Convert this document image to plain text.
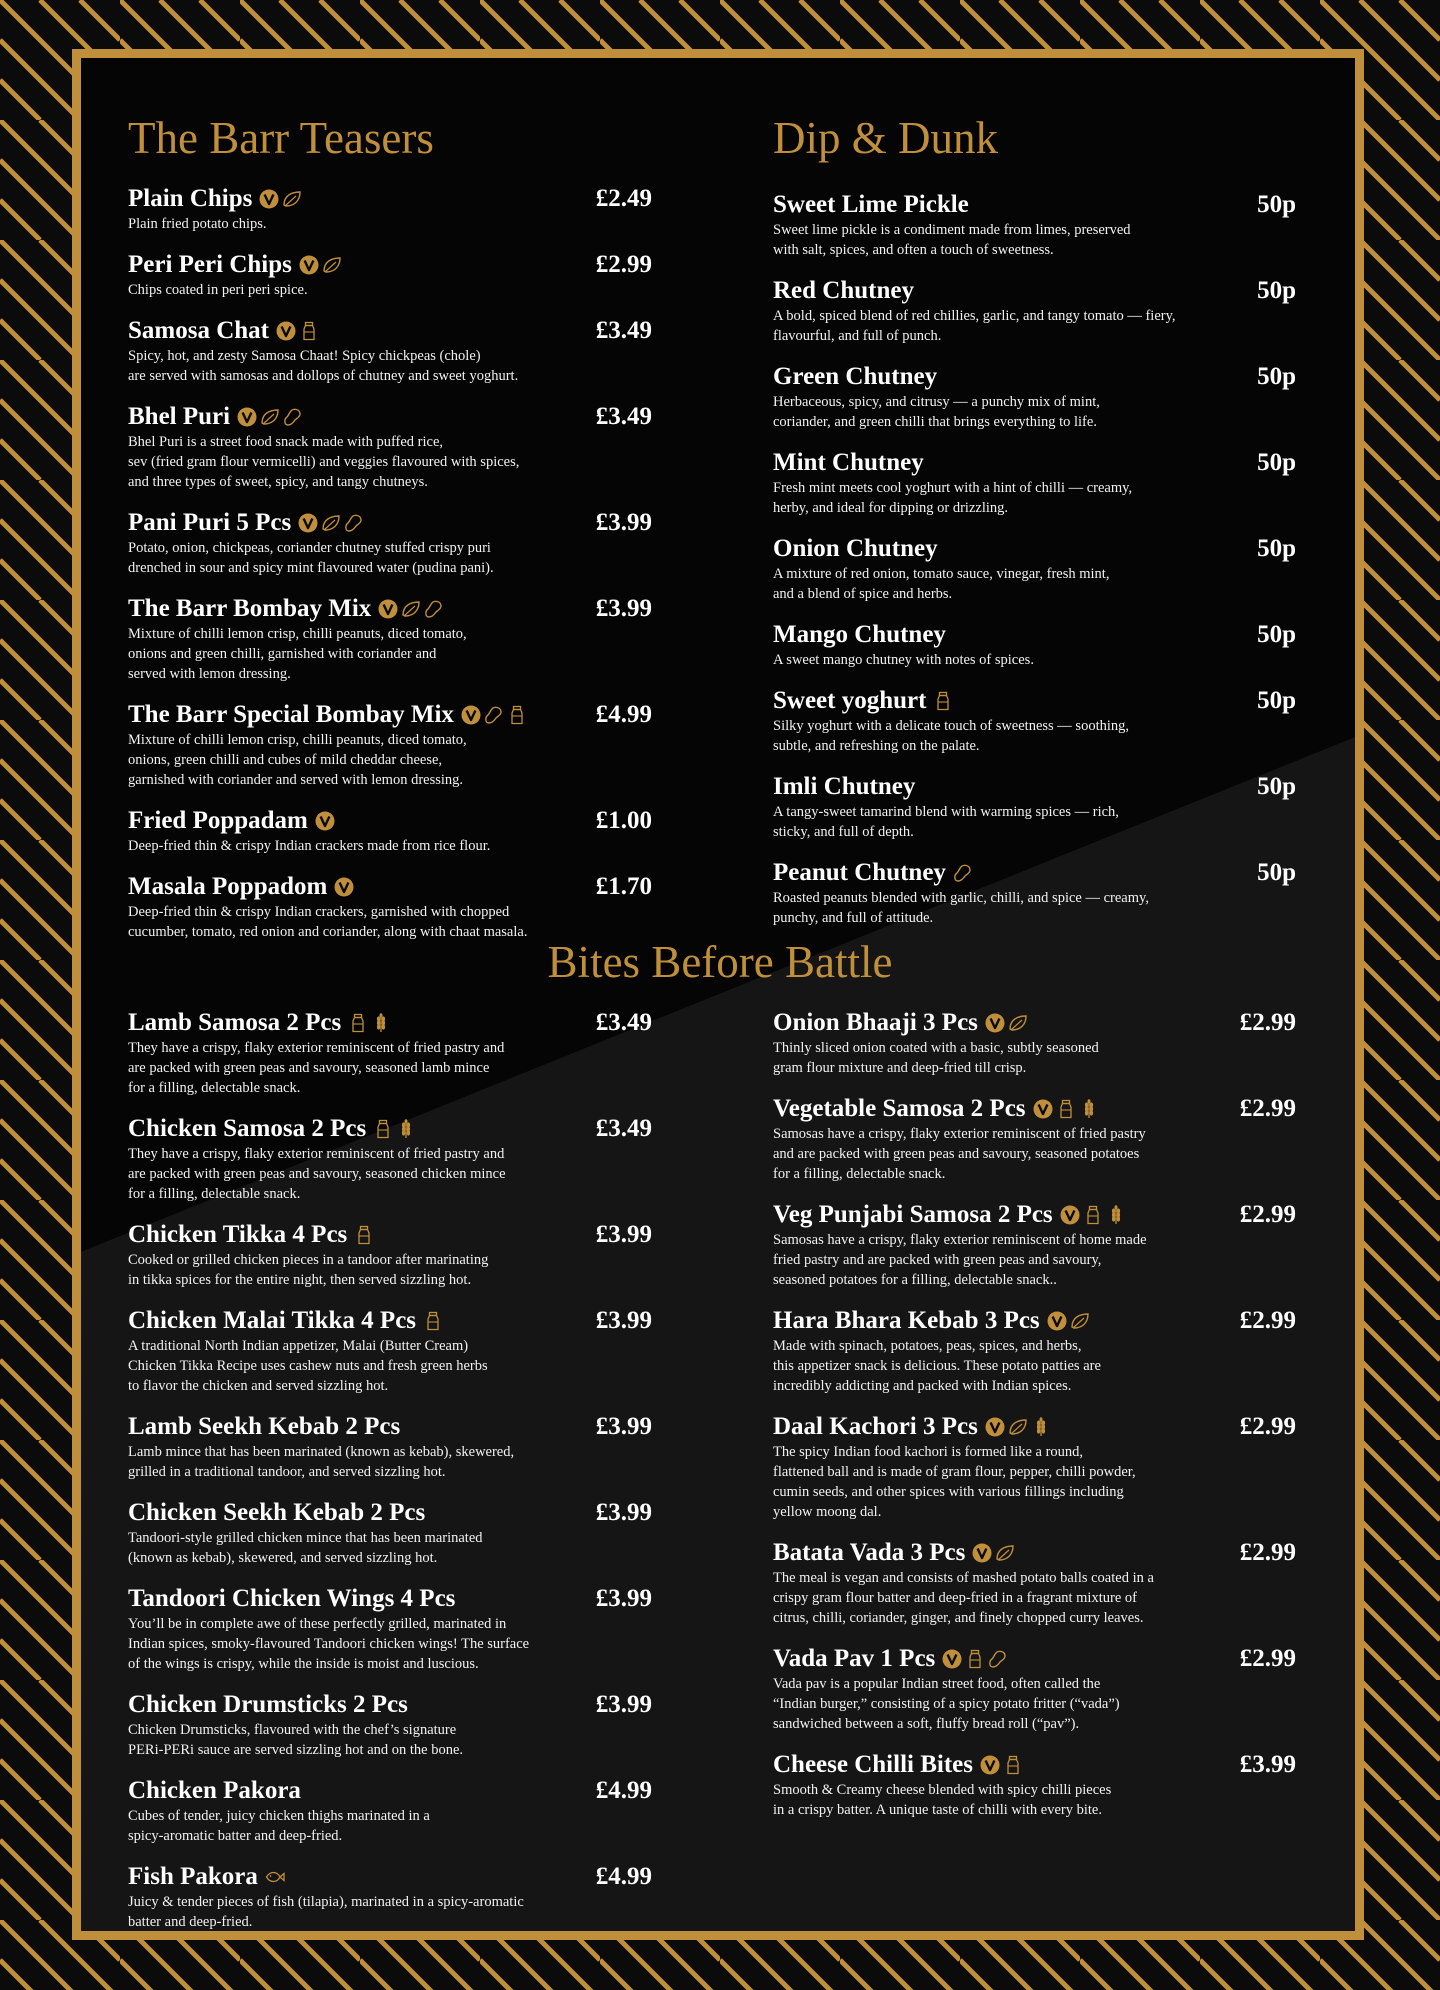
The Barr Teasers	Dip & Dunk
Bites Before Battle
Plain Chips	£2.49

Plain fried potato chips.

Peri Peri Chips	£2.99

Chips coated in peri peri spice.

Samosa Chat	£3.49

Spicy, hot, and zesty Samosa Chaat! Spicy chickpeas (chole)
are served with samosas and dollops of chutney and sweet yoghurt.

Bhel Puri	£3.49

Bhel Puri is a street food snack made with puffed rice,
sev (fried gram flour vermicelli) and veggies flavoured with spices,
and three types of sweet, spicy, and tangy chutneys.

Pani Puri 5 Pcs	£3.99

Potato, onion, chickpeas, coriander chutney stuffed crispy puri
drenched in sour and spicy mint flavoured water (pudina pani).

The Barr Bombay Mix	£3.99

Mixture of chilli lemon crisp, chilli peanuts, diced tomato,
onions and green chilli, garnished with coriander and
served with lemon dressing.

The Barr Special Bombay Mix	£4.99

Mixture of chilli lemon crisp, chilli peanuts, diced tomato,
onions, green chilli and cubes of mild cheddar cheese,
garnished with coriander and served with lemon dressing.

Fried Poppadam	£1.00

Deep-fried thin & crispy Indian crackers made from rice flour.

Masala Poppadom	£1.70

Deep-fried thin & crispy Indian crackers, garnished with chopped
cucumber, tomato, red onion and coriander, along with chaat masala.

Sweet Lime Pickle	50p

Sweet lime pickle is a condiment made from limes, preserved
with salt, spices, and often a touch of sweetness.

Red Chutney	50p

A bold, spiced blend of red chillies, garlic, and tangy tomato — fiery,
flavourful, and full of punch.

Green Chutney	50p

Herbaceous, spicy, and citrusy — a punchy mix of mint,
coriander, and green chilli that brings everything to life.

Mint Chutney	50p

Fresh mint meets cool yoghurt with a hint of chilli — creamy,
herby, and ideal for dipping or drizzling.

Onion Chutney	50p

A mixture of red onion, tomato sauce, vinegar, fresh mint,
and a blend of spice and herbs.

Mango Chutney	50p

A sweet mango chutney with notes of spices.

Sweet yoghurt	50p

Silky yoghurt with a delicate touch of sweetness — soothing,
subtle, and refreshing on the palate.

Imli Chutney	50p

A tangy-sweet tamarind blend with warming spices — rich,
sticky, and full of depth.

Peanut Chutney	50p

Roasted peanuts blended with garlic, chilli, and spice — creamy,
punchy, and full of attitude.

Lamb Samosa 2 Pcs	£3.49

They have a crispy, flaky exterior reminiscent of fried pastry and
are packed with green peas and savoury, seasoned lamb mince
for a filling, delectable snack.

Chicken Samosa 2 Pcs	£3.49

They have a crispy, flaky exterior reminiscent of fried pastry and
are packed with green peas and savoury, seasoned chicken mince
for a filling, delectable snack.

Chicken Tikka 4 Pcs	£3.99

Cooked or grilled chicken pieces in a tandoor after marinating
in tikka spices for the entire night, then served sizzling hot.

Chicken Malai Tikka 4 Pcs	£3.99

A traditional North Indian appetizer, Malai (Butter Cream)
Chicken Tikka Recipe uses cashew nuts and fresh green herbs
to flavor the chicken and served sizzling hot.

Lamb Seekh Kebab 2 Pcs	£3.99

Lamb mince that has been marinated (known as kebab), skewered,
grilled in a traditional tandoor, and served sizzling hot.

Chicken Seekh Kebab 2 Pcs	£3.99

Tandoori-style grilled chicken mince that has been marinated
(known as kebab), skewered, and served sizzling hot.

Tandoori Chicken Wings 4 Pcs	£3.99

You’ll be in complete awe of these perfectly grilled, marinated in
Indian spices, smoky-flavoured Tandoori chicken wings! The surface
of the wings is crispy, while the inside is moist and luscious.

Chicken Drumsticks 2 Pcs	£3.99

Chicken Drumsticks, flavoured with the chef’s signature
PERi-PERi sauce are served sizzling hot and on the bone.

Chicken Pakora	£4.99

Cubes of tender, juicy chicken thighs marinated in a
spicy-aromatic batter and deep-fried.

Fish Pakora	£4.99

Juicy & tender pieces of fish (tilapia), marinated in a spicy-aromatic
batter and deep-fried.

Onion Bhaaji 3 Pcs	£2.99

Thinly sliced onion coated with a basic, subtly seasoned
gram flour mixture and deep-fried till crisp.

Vegetable Samosa 2 Pcs	£2.99

Samosas have a crispy, flaky exterior reminiscent of fried pastry
and are packed with green peas and savoury, seasoned potatoes
for a filling, delectable snack.

Veg Punjabi Samosa 2 Pcs	£2.99

Samosas have a crispy, flaky exterior reminiscent of home made
fried pastry and are packed with green peas and savoury,
seasoned potatoes for a filling, delectable snack..

Hara Bhara Kebab 3 Pcs	£2.99

Made with spinach, potatoes, peas, spices, and herbs,
this appetizer snack is delicious. These potato patties are
incredibly addicting and packed with Indian spices.

Daal Kachori 3 Pcs	£2.99

The spicy Indian food kachori is formed like a round,
flattened ball and is made of gram flour, pepper, chilli powder,
cumin seeds, and other spices with various fillings including
yellow moong dal.

Batata Vada 3 Pcs	£2.99

The meal is vegan and consists of mashed potato balls coated in a
crispy gram flour batter and deep-fried in a fragrant mixture of
citrus, chilli, coriander, ginger, and finely chopped curry leaves.

Vada Pav 1 Pcs	£2.99

Vada pav is a popular Indian street food, often called the
“Indian burger,” consisting of a spicy potato fritter (“vada”)
sandwiched between a soft, fluffy bread roll (“pav”).

Cheese Chilli Bites	£3.99

Smooth & Creamy cheese blended with spicy chilli pieces
in a crispy batter. A unique taste of chilli with every bite.
